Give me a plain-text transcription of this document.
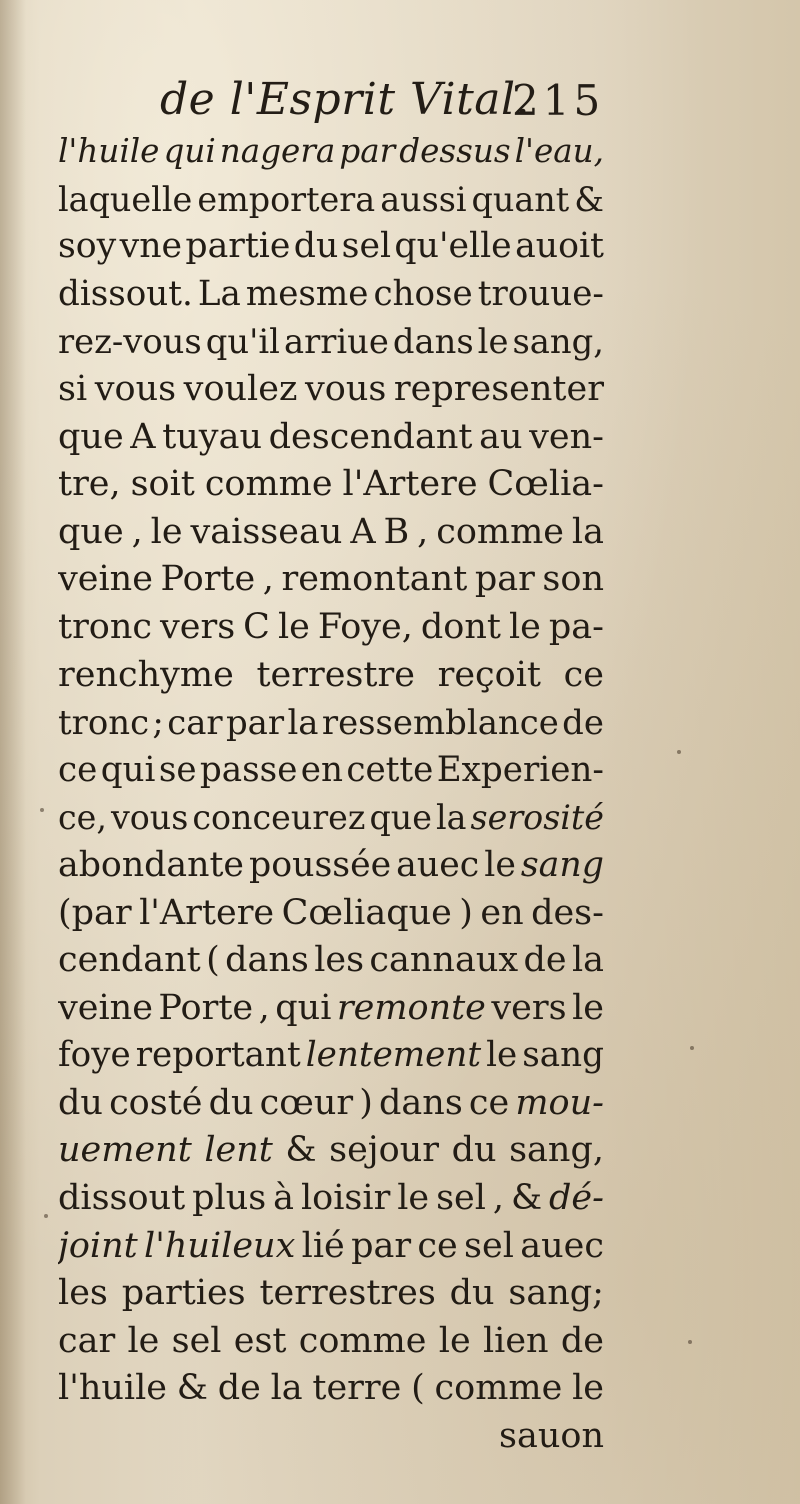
de l'Esprit Vital.
215
l'huile qui nagera par dessus l'eau,
laquelle emportera aussi quant &
soy vne partie du sel qu'elle auoit
dissout. La mesme chose trouue-
rez-vous qu'il arriue dans le sang,
si vous voulez vous representer
que A tuyau descendant au ven-
tre, soit comme l'Artere Cœlia-
que , le vaisseau A B , comme la
veine Porte , remontant par son
tronc vers C le Foye, dont le pa-
renchyme terrestre reçoit ce
tronc ; car par la ressemblance de
ce qui se passe en cette Experien-
ce, vous conceurez que la serosité
abondante poussée auec le sang
(par l'Artere Cœliaque ) en des-
cendant ( dans les cannaux de la
veine Porte , qui remonte vers le
foye reportant lentement le sang
du costé du cœur ) dans ce mou-
uement lent & sejour du sang,
dissout plus à loisir le sel , & dé-
joint l'huileux lié par ce sel auec
les parties terrestres du sang;
car le sel est comme le lien de
l'huile & de la terre ( comme le
sauon
